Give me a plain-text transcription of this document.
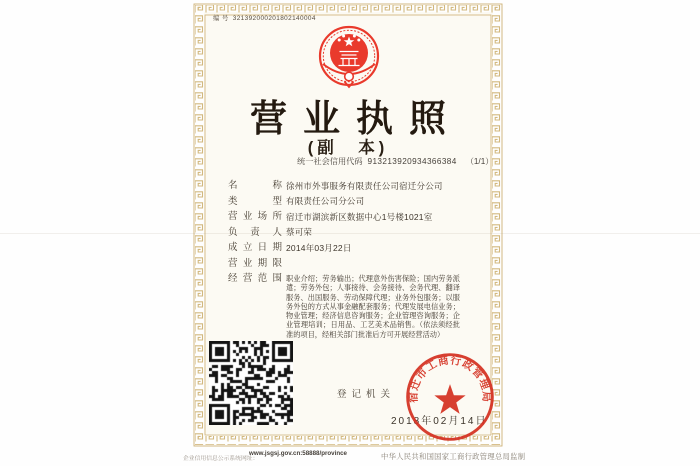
编 号 321392000201802140004
营业执照
(副　本)
统一社会信用代码 913213920934366384 （1/1）
名称 徐州市外事服务有限责任公司宿迁分公司
类型 有限责任公司分公司
营业场所 宿迁市湖滨新区数据中心1号楼1021室
负责人 蔡可荣
成立日期 2014年03月22日
营业期限
经营范围 职业介绍；劳务输出；代理意外伤害保险；国内劳务派遣；劳务外包；人事接待、会务接待、会务代理、翻译服务、出国服务、劳动保障代理；业务外包服务；以服务外包的方式从事金融配套服务；代理发展电信业务；物业管理；经济信息咨询服务；企业管理咨询服务；企业管理培训；日用品、工艺美术品销售。（依法须经批准的项目，经相关部门批准后方可开展经营活动）
登记机关
2018年02月14日
宿迁市工商行政管理局
企业信用信息公示系统网址：
www.jsgsj.gov.cn:58888/province	中华人民共和国国家工商行政管理总局监制
